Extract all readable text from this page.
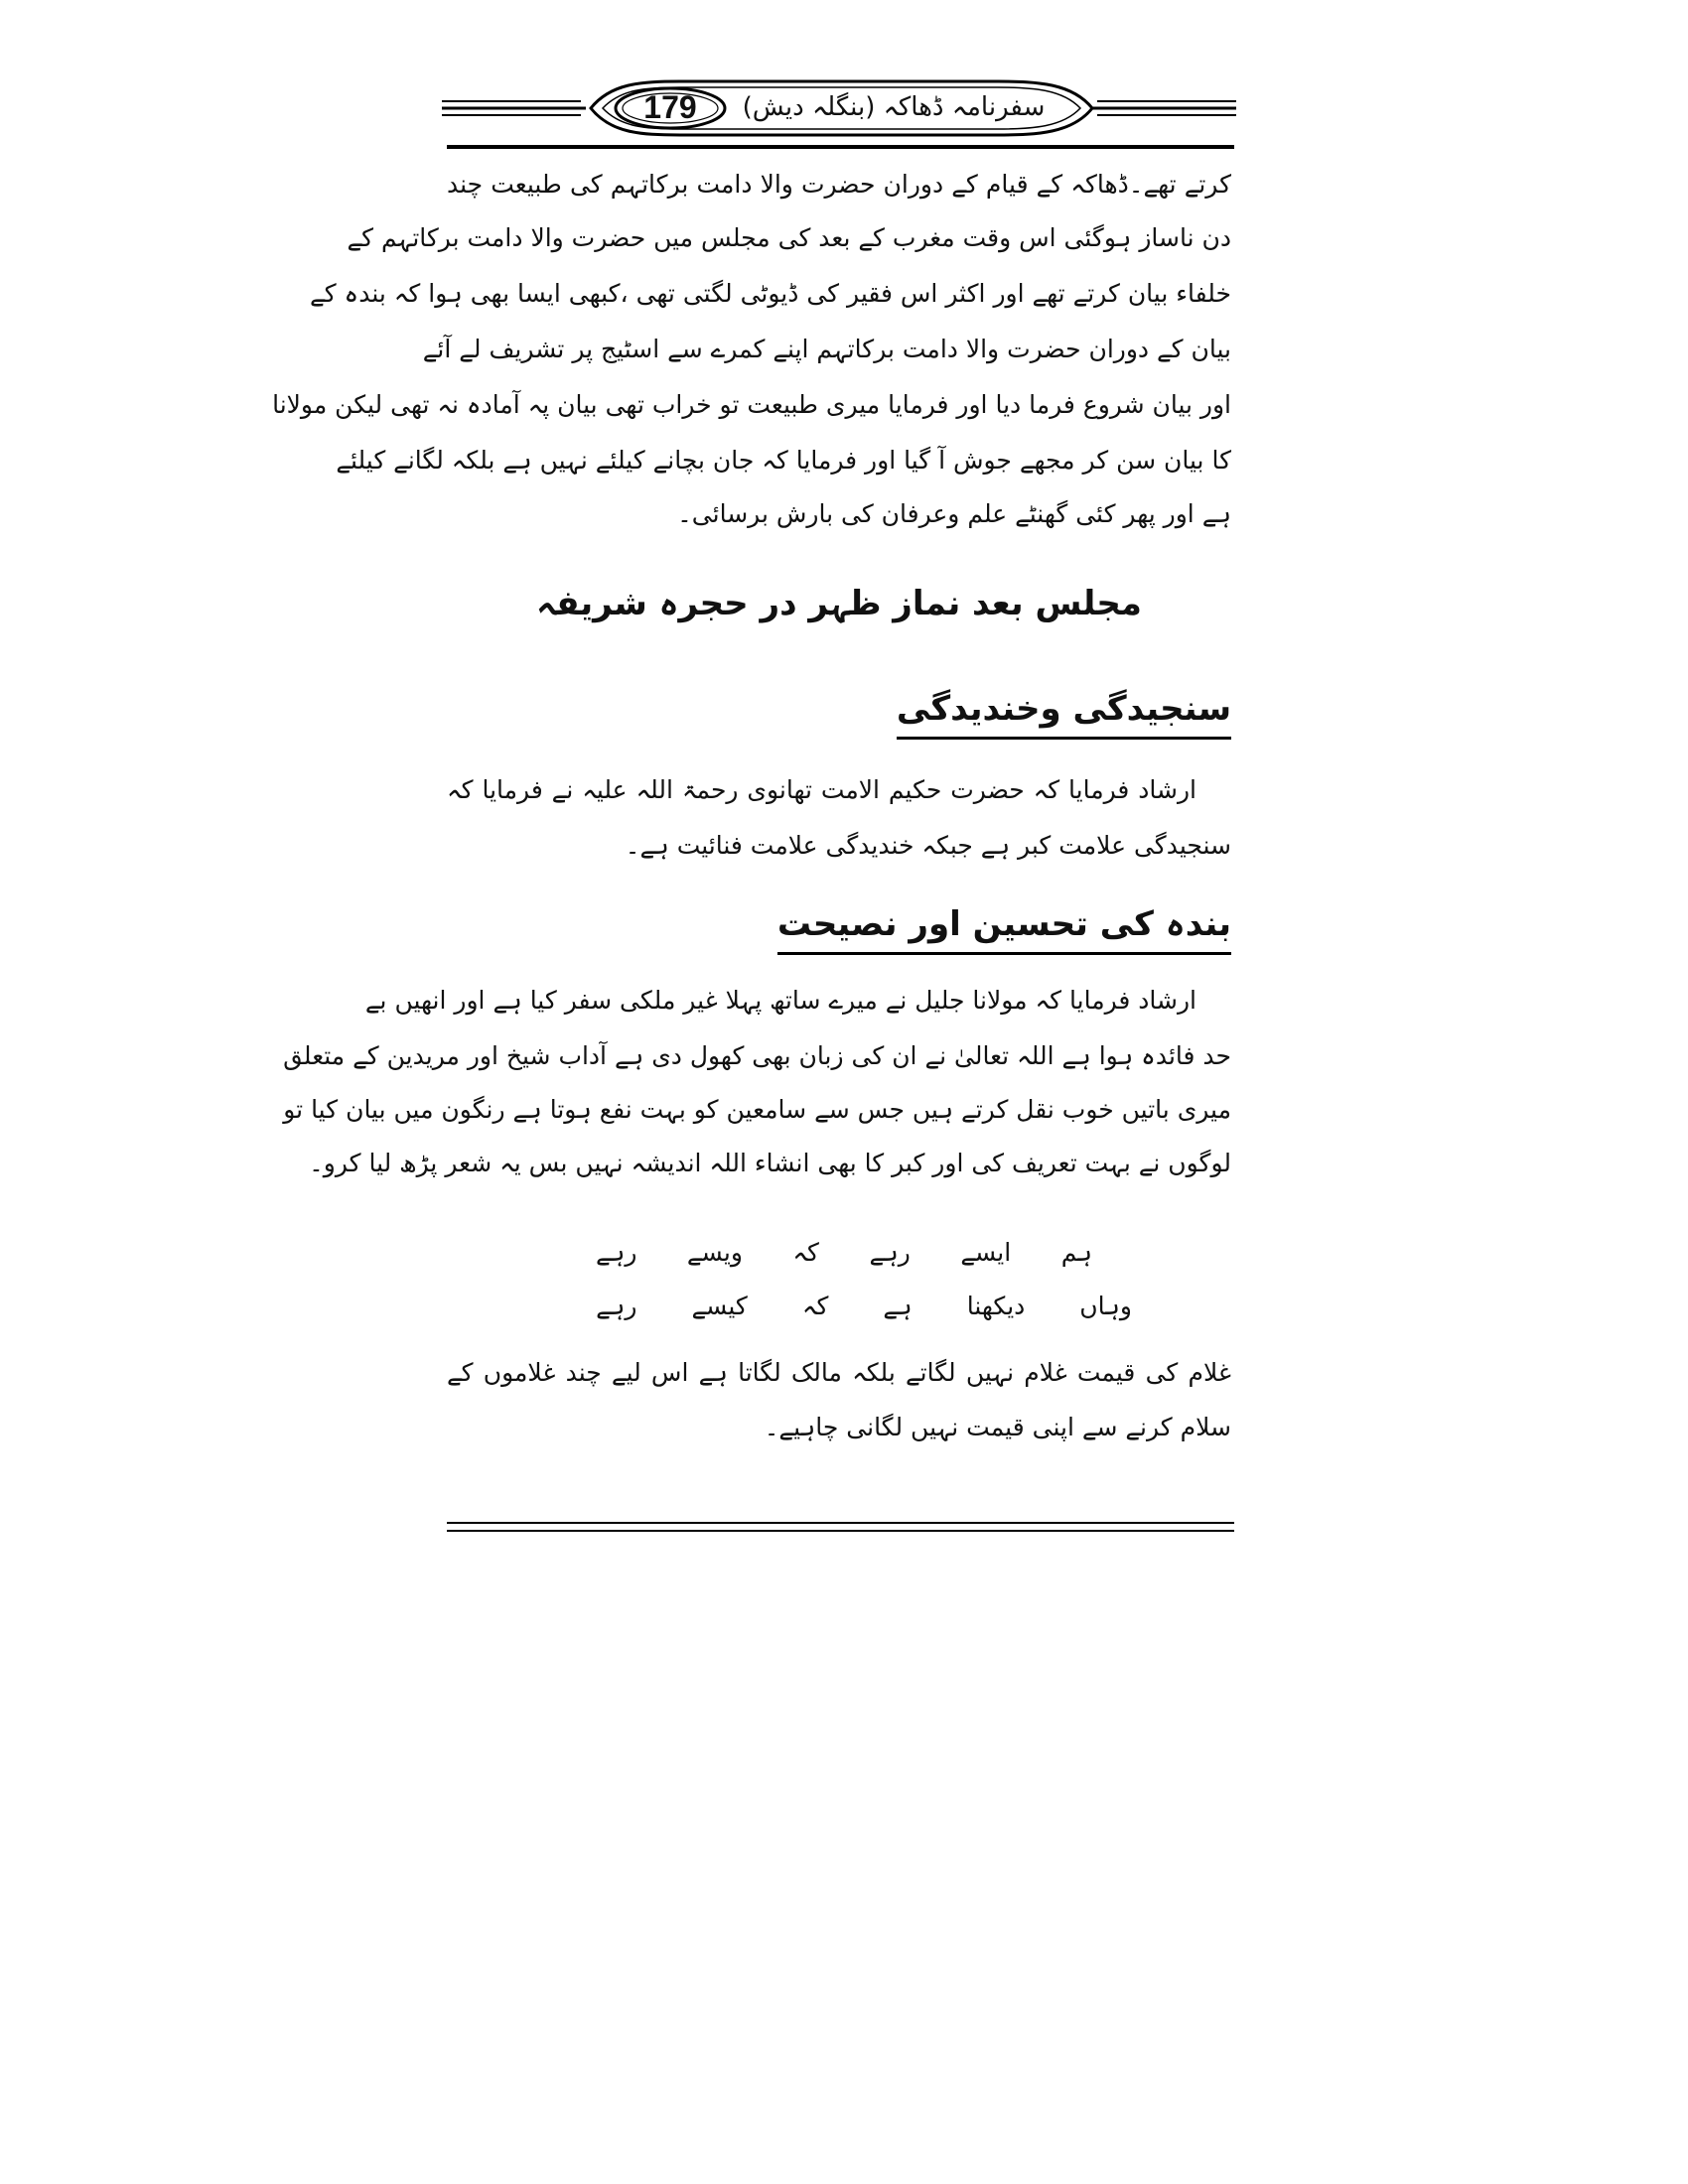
179	سفرنامہ ڈھاکہ (بنگلہ دیش)
کرتے تھے۔ڈھاکہ کے قیام کے دوران حضرت والا دامت برکاتہم کی طبیعت چند
دن ناساز ہوگئی اس وقت مغرب کے بعد کی مجلس میں حضرت والا دامت برکاتہم کے
خلفاء بیان کرتے تھے اور اکثر اس فقیر کی ڈیوٹی لگتی تھی ،کبھی ایسا بھی ہوا کہ بندہ کے
بیان کے دوران حضرت والا دامت برکاتہم اپنے کمرے سے اسٹیج پر تشریف لے آئے
اور بیان شروع فرما دیا اور فرمایا میری طبیعت تو خراب تھی بیان پہ آمادہ نہ تھی لیکن مولانا
کا بیان سن کر مجھے جوش آ گیا اور فرمایا کہ جان بچانے کیلئے نہیں ہے بلکہ لگانے کیلئے
ہے اور پھر کئی گھنٹے علم وعرفان کی بارش برسائی۔
مجلس بعد نماز ظہر در حجرہ شریفہ
سنجیدگی وخندیدگی
ارشاد فرمایا کہ حضرت حکیم الامت تھانوی رحمۃ اللہ علیہ نے فرمایا کہ
سنجیدگی علامت کبر ہے جبکہ خندیدگی علامت فنائیت ہے۔
بندہ کی تحسین اور نصیحت
ارشاد فرمایا کہ مولانا جلیل نے میرے ساتھ پہلا غیر ملکی سفر کیا ہے اور انھیں بے
حد فائدہ ہوا ہے اللہ تعالیٰ نے ان کی زبان بھی کھول دی ہے آداب شیخ اور مریدین کے متعلق
میری باتیں خوب نقل کرتے ہیں جس سے سامعین کو بہت نفع ہوتا ہے رنگون میں بیان کیا تو
لوگوں نے بہت تعریف کی اور کبر کا بھی انشاء اللہ اندیشہ نہیں بس یہ شعر پڑھ لیا کرو۔
ہم
ایسے
رہے
کہ
ویسے
رہے
وہاں
دیکھنا
ہے
کہ
کیسے
رہے
غلام کی قیمت غلام نہیں لگاتے بلکہ مالک لگاتا ہے اس لیے چند غلاموں کے
سلام کرنے سے اپنی قیمت نہیں لگانی چاہیے۔
